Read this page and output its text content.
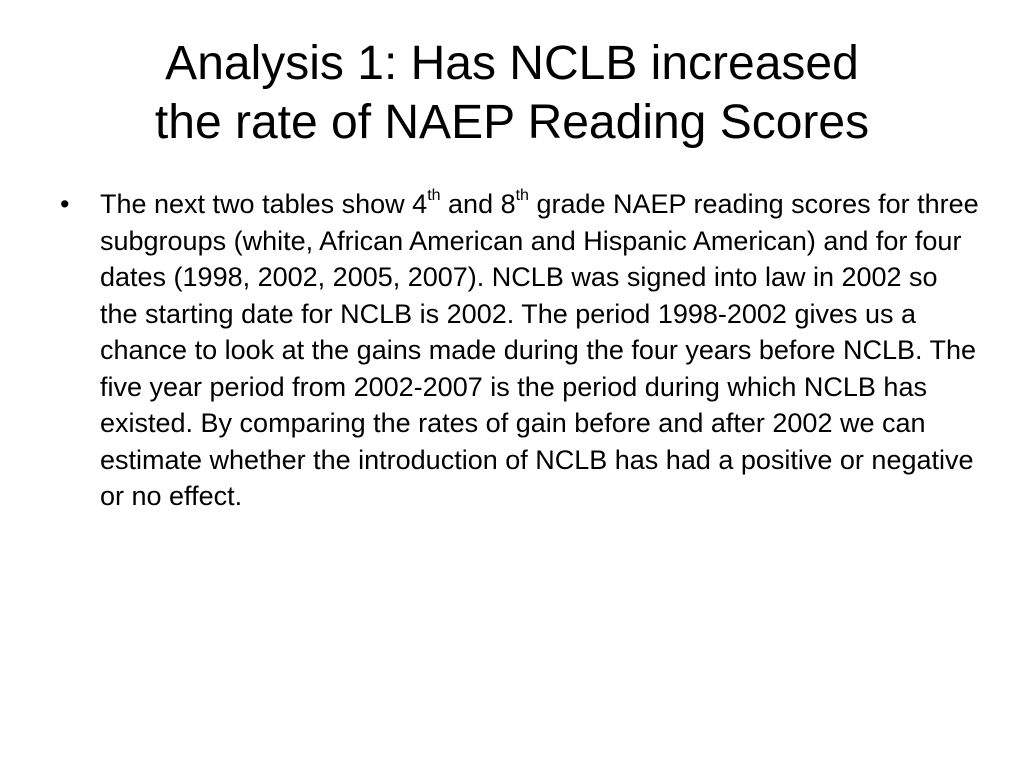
Analysis 1: Has NCLB increased
the rate of NAEP Reading Scores
• The next two tables show 4th and 8th grade NAEP reading scores for three subgroups (white, African American and Hispanic American) and for four dates (1998, 2002, 2005, 2007). NCLB was signed into law in 2002 so the starting date for NCLB is 2002. The period 1998-2002 gives us a chance to look at the gains made during the four years before NCLB. The five year period from 2002-2007 is the period during which NCLB has existed. By comparing the rates of gain before and after 2002 we can estimate whether the introduction of NCLB has had a positive or negative or no effect.
